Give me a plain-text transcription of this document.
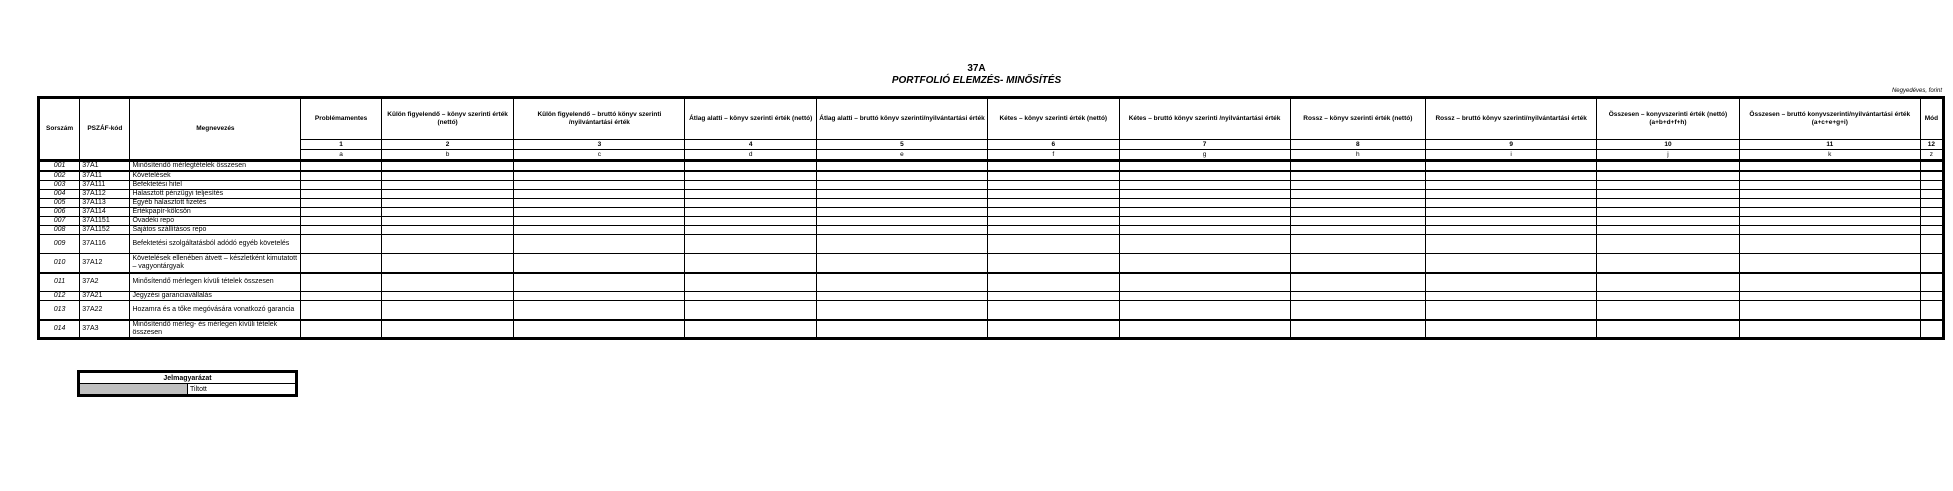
37A
PORTFOLIÓ ELEMZÉS- MINŐSÍTÉS
Negyedéves, forint
Sorszám	PSZÁF-kód	Megnevezés	Problémamentes	Külön figyelendő – könyv szerinti érték (nettó)	Külön figyelendő – bruttó könyv szerinti /nyilvántartási érték	Átlag alatti – könyv szerinti érték (nettó)	Átlag alatti – bruttó könyv szerinti/nyilvántartási érték	Kétes – könyv szerinti érték (nettó)	Kétes – bruttó könyv szerinti /nyilvántartási érték	Rossz – könyv szerinti érték (nettó)	Rossz – bruttó könyv szerinti/nyilvántartási érték	Összesen – konyvszerinti érték (nettó) (a+b+d+f+h)	Összesen – bruttó konyvszerinti/nyilvántartási érték (a+c+e+g+i)	Mód
			1	2	3	4	5	6	7	8	9	10	11	12
			a	b	c	d	e	f	g	h	i	j	k	z
001	37A1	Minősítendő mérlegtételek összesen												
002	37A11	Követelések												
003	37A111	Befektetési hitel												
004	37A112	Halasztott pénzügyi teljesítés												
005	37A113	Egyéb halasztott fizetés												
006	37A114	Értékpapír-kölcsön												
007	37A1151	Óvadéki repo												
008	37A1152	Sajátos szállításos repo												
009	37A116	Befektetési szolgáltatásból adódó egyéb követelés												
010	37A12	Követelések ellenében átvett – készletként kimutatott – vagyontárgyak												
011	37A2	Minősítendő mérlegen kívüli tételek összesen												
012	37A21	Jegyzési garanciavállalás												
013	37A22	Hozamra és a tőke megóvására vonatkozó garancia												
014	37A3	Minősítendő mérleg- és mérlegen kívüli tételek összesen												
Jelmagyarázat
	Tiltott
